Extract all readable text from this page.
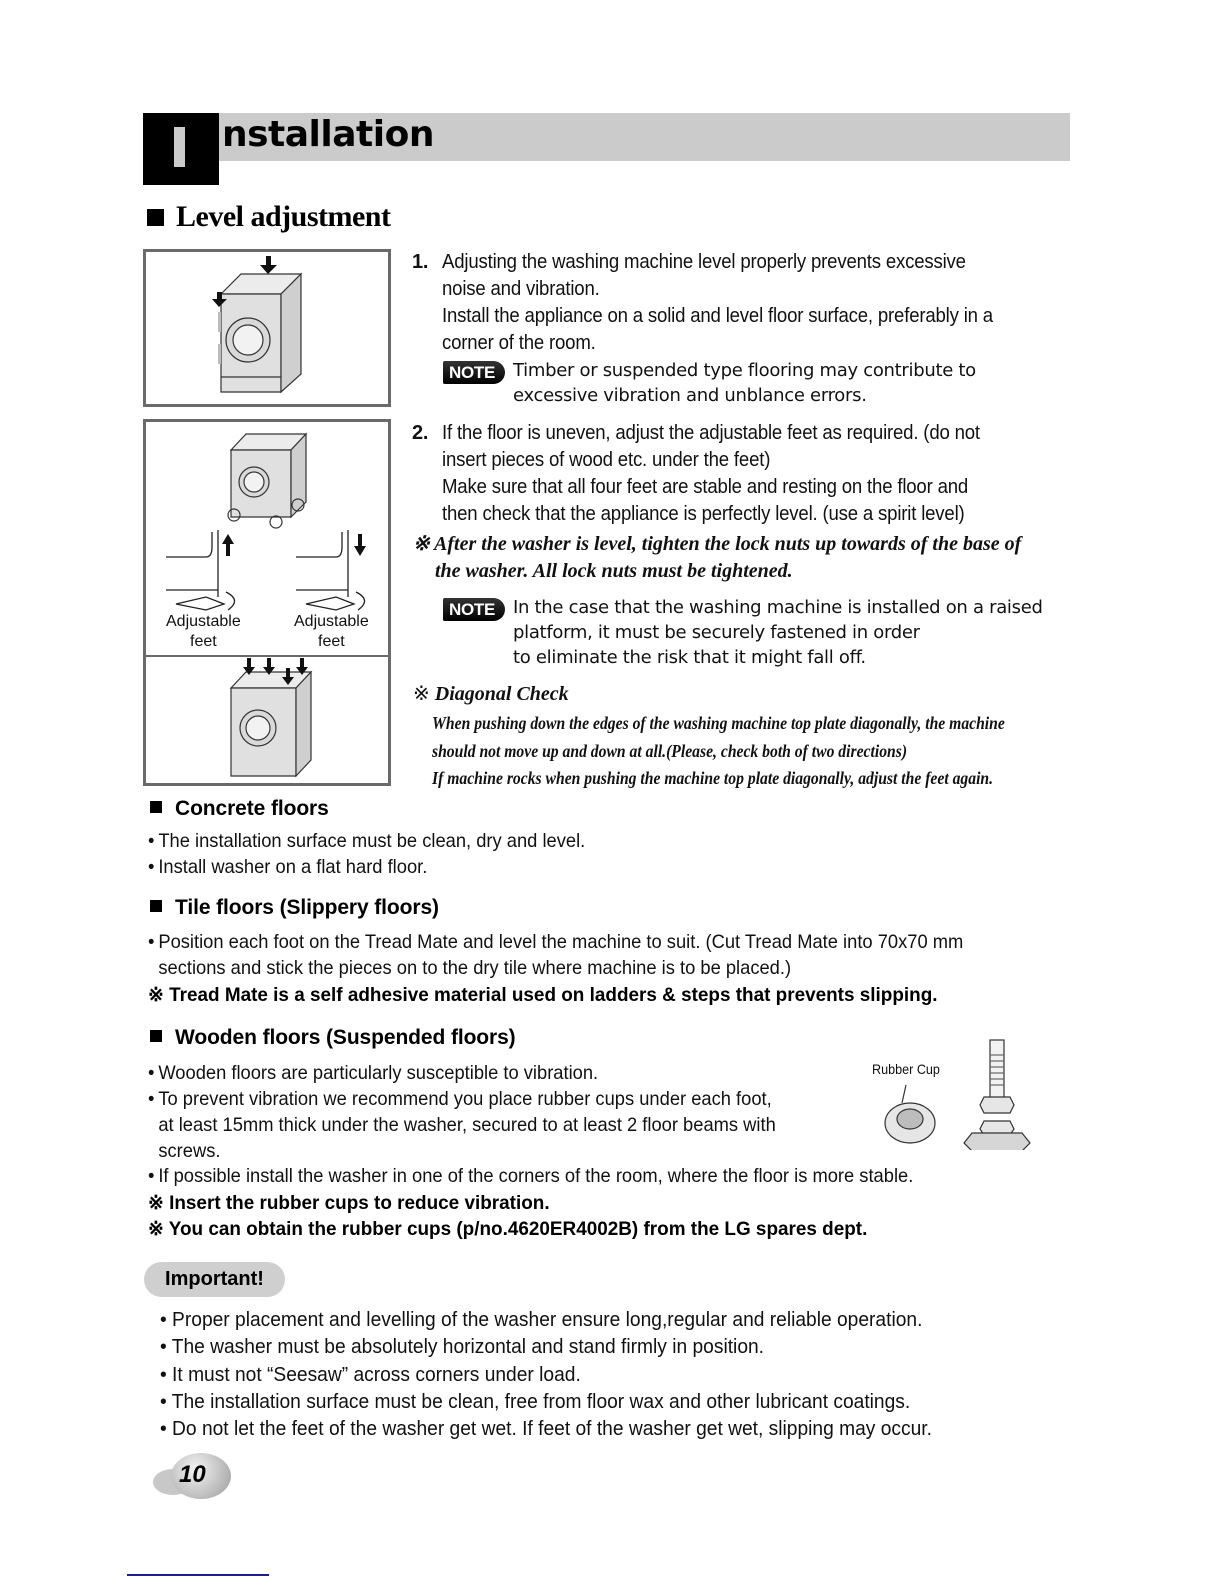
nstallation
Level adjustment
Adjustable
feet
Adjustable
feet
1. Adjusting the washing machine level properly prevents excessive
noise and vibration.
Install the appliance on a solid and level floor surface, preferably in a
corner of the room.
NOTE Timber or suspended type flooring may contribute to
excessive vibration and unblance errors.
2. If the floor is uneven, adjust the adjustable feet as required. (do not
insert pieces of wood etc. under the feet)
Make sure that all four feet are stable and resting on the floor and
then check that the appliance is perfectly level. (use a spirit level)
※ After the washer is level, tighten the lock nuts up towards of the base of
the washer. All lock nuts must be tightened.
NOTE In the case that the washing machine is installed on a raised
platform, it must be securely fastened in order
to eliminate the risk that it might fall off.
※ Diagonal Check
When pushing down the edges of the washing machine top plate diagonally, the machine
should not move up and down at all.(Please, check both of two directions)
If machine rocks when pushing the machine top plate diagonally, adjust the feet again.
Concrete floors
• The installation surface must be clean, dry and level.
• Install washer on a flat hard floor.
Tile floors (Slippery floors)
• Position each foot on the Tread Mate and level the machine to suit. (Cut Tread Mate into 70x70 mm
sections and stick the pieces on to the dry tile where machine is to be placed.)
※ Tread Mate is a self adhesive material used on ladders & steps that prevents slipping.
Wooden floors (Suspended floors)
• Wooden floors are particularly susceptible to vibration.
• To prevent vibration we recommend you place rubber cups under each foot,
at least 15mm thick under the washer, secured to at least 2 floor beams with
screws.
• If possible install the washer in one of the corners of the room, where the floor is more stable.
※ Insert the rubber cups to reduce vibration.
※ You can obtain the rubber cups (p/no.4620ER4002B) from the LG spares dept.
Rubber Cup
Important!
• Proper placement and levelling of the washer ensure long,regular and reliable operation.
• The washer must be absolutely horizontal and stand firmly in position.
• It must not “Seesaw” across corners under load.
• The installation surface must be clean, free from floor wax and other lubricant coatings.
• Do not let the feet of the washer get wet. If feet of the washer get wet, slipping may occur.
10
